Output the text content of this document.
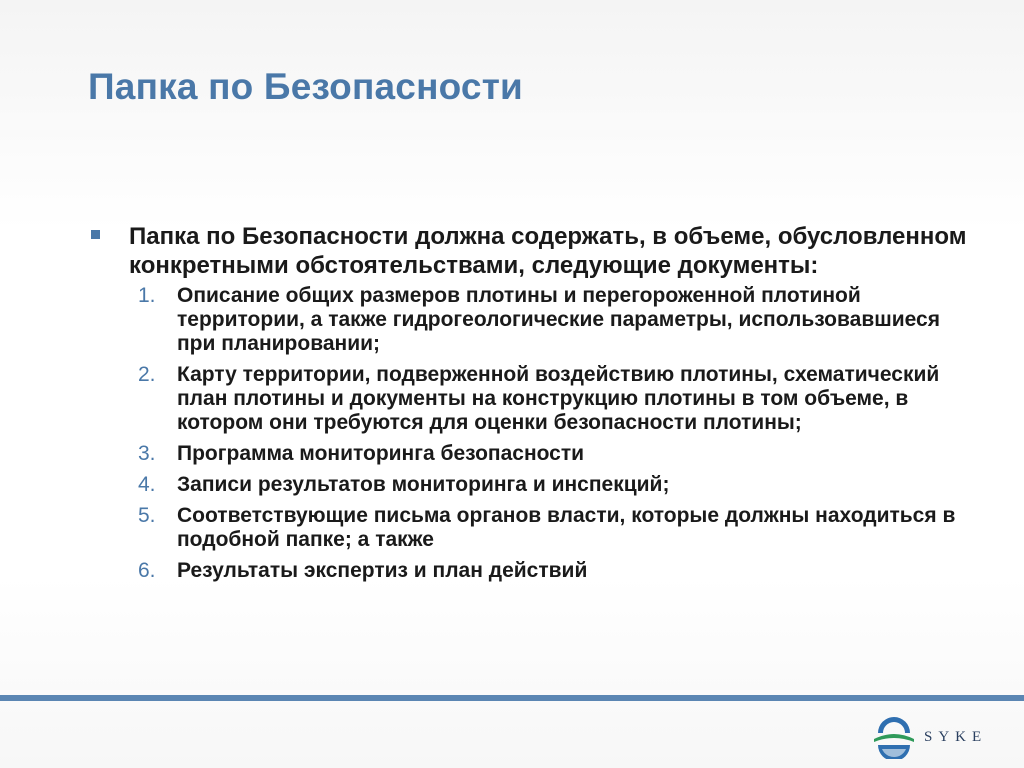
Папка по Безопасности
Папка по Безопасности должна содержать, в объеме, обусловленном конкретными обстоятельствами, следующие документы:
1. Описание общих размеров плотины и перегороженной плотиной территории, а также гидрогеологические параметры, использовавшиеся при планировании;
2. Карту территории, подверженной воздействию плотины, схематический план плотины и документы на конструкцию плотины в том объеме, в котором они требуются для оценки безопасности плотины;
3. Программа мониторинга безопасности
4. Записи результатов мониторинга и инспекций;
5. Соответствующие письма органов власти, которые должны находиться в подобной папке; а также
6. Результаты экспертиз и план действий
SYKE
